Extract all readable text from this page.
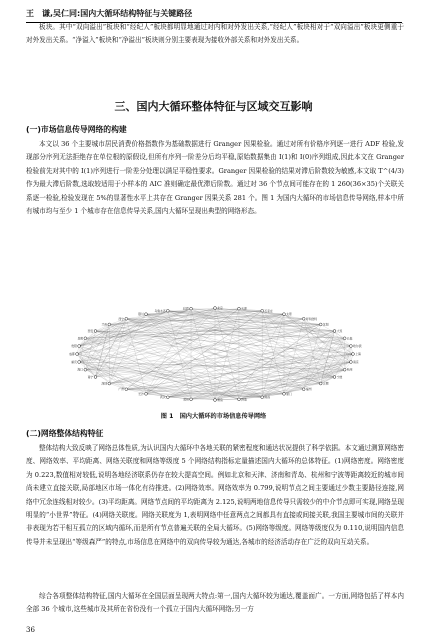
王　谦,吴仁同:国内大循环结构特征与关键路径

板块。其中“双向溢出”板块和“经纪人”板块都明显地通过对内和对外发出关系,“经纪人”板块相对于“双向溢出”板块更侧重于对外发出关系。“净溢入”板块和“净溢出”板块则分别主要表现为接收外部关系和对外发出关系。

三、国内大循环整体特征与区域交互影响
(一)市场信息传导网络的构建

本文以 36 个主要城市居民消费价格指数作为基础数据进行 Granger 因果检验。通过对所有价格序列逐一进行 ADF 检验,发现部分序列无法拒绝存在单位根的原假设,但所有序列一阶差分后均平稳,原始数据集由 I(1)和 I(0)序列组成,因此本文在 Granger 检验前先对其中的 I(1)序列进行一阶差分处理以满足平稳性要求。Granger 因果检验的结果对滞后阶数较为敏感,本文取 T^(4/3) 作为最大滞后阶数,选取较适用于小样本的 AIC 准则确定最优滞后阶数。通过对 36 个节点间可能存在的 1 260(36×35)个关联关系逐一检验,检验发现在 5%的显著性水平上共存在 Granger 因果关系 281 个。图 1 为国内大循环的市场信息传导网络,样本中所有城市均与至少 1 个城市存在信息传导关系,国内大循环呈现出典型的网络形态。

北京	天津
石家庄
太原
呼和浩特
沈阳
大连
长春
哈尔滨
上海
南京
杭州
宁波
合肥
福州
厦门
南昌
济南
青岛
郑州
武汉
长沙
广州
深圳
南宁
海口
重庆
成都
贵阳
昆明
西安
兰州
西宁
银川
乌鲁木齐
拉萨
图 1　国内大循环的市场信息传导网络
(二)网络整体结构特征

整体结构大致反映了网络总体性质,为认识国内大循环中各地关联的紧密程度和通达状况提供了科学依据。本文通过测算网络密度、网络效率、平均距离、网络关联度和网络等级度 5 个网络结构指标定量描述国内大循环的总体特征。(1)网络密度。网络密度为 0.223,数值相对较低,说明各地经济联系仍存在较大提高空间。例如北京和天津、济南和青岛、杭州和宁波等距离较近的城市间尚未建立直接关联,局部地区市场一体化有待推进。(2)网络效率。网络效率为 0.799,说明节点之间主要通过少数主要路径连接,网络中冗余连线相对较少。(3)平均距离。网络节点间的平均距离为 2.125,说明两地信息传导只需较少的中介节点即可实现,网络呈现明显的“小世界”特征。(4)网络关联度。网络关联度为 1,表明网络中任意两点之间都具有直接或间接关联,我国主要城市间的关联并非表现为若干相互孤立的区域内循环,而是所有节点普遍关联的全局大循环。(5)网络等级度。网络等级度仅为 0.110,说明国内信息传导并未呈现出“等级森严”的特点,市场信息在网络中的双向传导较为通达,各城市的经济活动存在广泛的双向互动关系。

综合各项整体结构特征,国内大循环在全国层面呈现两大特点:第一,国内大循环较为通达,覆盖面广。一方面,网络包括了样本内全部 36 个城市,这些城市及其所在省份没有一个孤立于国内大循环网络;另一方

36
